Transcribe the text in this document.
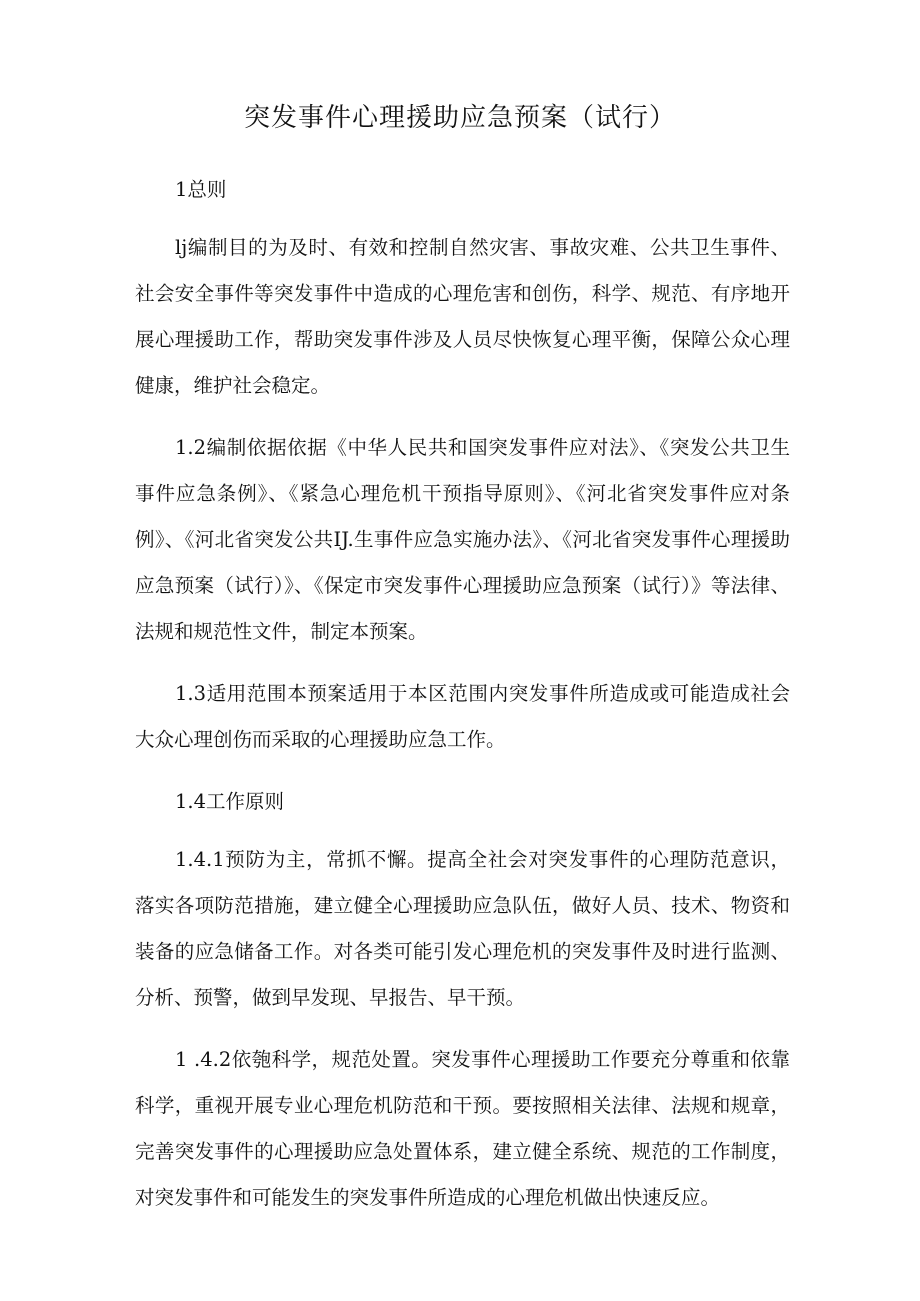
突发事件心理援助应急预案（试行）

1总则

lj编制目的为及时、有效和控制自然灾害、事故灾难、公共卫生事件、社会安全事件等突发事件中造成的心理危害和创伤，科学、规范、有序地开展心理援助工作，帮助突发事件涉及人员尽快恢复心理平衡，保障公众心理健康，维护社会稳定。

1.2编制依据依据《中华人民共和国突发事件应对法》、《突发公共卫生事件应急条例》、《紧急心理危机干预指导原则》、《河北省突发事件应对条例》、《河北省突发公共IJ.生事件应急实施办法》、《河北省突发事件心理援助应急预案（试行）》、《保定市突发事件心理援助应急预案（试行）》等法律、法规和规范性文件，制定本预案。

1.3适用范围本预案适用于本区范围内突发事件所造成或可能造成社会大众心理创伤而采取的心理援助应急工作。

1.4工作原则

1.4.1预防为主，常抓不懈。提高全社会对突发事件的心理防范意识，落实各项防范措施，建立健全心理援助应急队伍，做好人员、技术、物资和装备的应急储备工作。对各类可能引发心理危机的突发事件及时进行监测、分析、预警，做到早发现、早报告、早干预。

1 .4.2依匏科学，规范处置。突发事件心理援助工作要充分尊重和依靠科学，重视开展专业心理危机防范和干预。要按照相关法律、法规和规章，完善突发事件的心理援助应急处置体系，建立健全系统、规范的工作制度，对突发事件和可能发生的突发事件所造成的心理危机做出快速反应。
